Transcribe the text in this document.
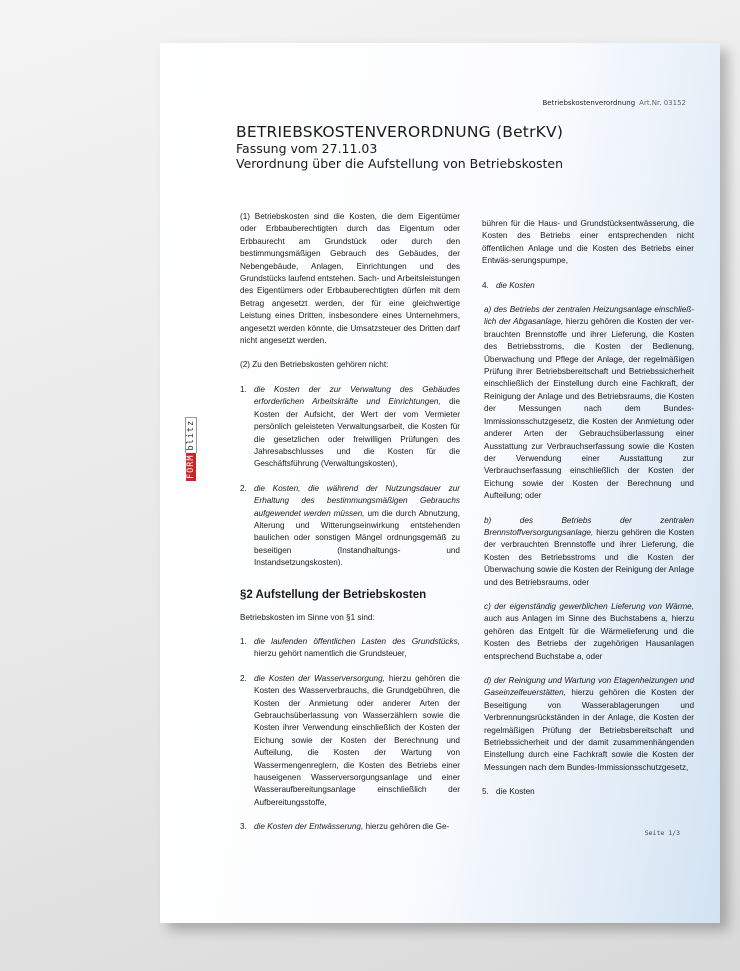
Betriebskostenverordnung Art.Nr. 03152
BETRIEBSKOSTENVERORDNUNG (BetrKV)
Fassung vom 27.11.03
Verordnung über die Aufstellung von Betriebskosten
FORMblitz

(1) Betriebskosten sind die Kosten, die dem Eigentümer oder Erbbauberechtigten durch das Eigentum oder Erbbaurecht am Grundstück oder durch den bestimmungsmäßigen Gebrauch des Gebäudes, der Nebengebäude, Anlagen, Einrichtungen und des Grundstücks laufend entstehen. Sach- und Arbeitsleistungen des Eigentümers oder Erbbauberechtigten dürfen mit dem Betrag angesetzt werden, der für eine gleichwertige Leistung eines Dritten, insbesondere eines Unternehmers, angesetzt werden könnte, die Umsatzsteuer des Dritten darf nicht angesetzt werden.

(2) Zu den Betriebskosten gehören nicht:

1. die Kosten der zur Verwaltung des Gebäudes erforderlichen Arbeitskräfte und Einrichtungen, die Kosten der Aufsicht, der Wert der vom Vermieter persönlich geleisteten Verwaltungsarbeit, die Kosten für die gesetzlichen oder freiwilligen Prüfungen des Jahresabschlusses und die Kosten für die Geschäftsführung (Verwaltungskosten),
2. die Kosten, die während der Nutzungsdauer zur Erhaltung des bestimmungsmäßigen Gebrauchs aufgewendet werden müssen, um die durch Abnutzung, Alterung und Witterungseinwirkung entstehenden baulichen oder sonstigen Mängel ordnungsgemäß zu beseitigen (Instandhaltungs- und Instandsetzungskosten).
§2 Aufstellung der Betriebskosten

Betriebskosten im Sinne von §1 sind:

1. die laufenden öffentlichen Lasten des Grundstücks, hierzu gehört namentlich die Grundsteuer,
2. die Kosten der Wasserversorgung, hierzu gehören die Kosten des Wasserverbrauchs, die Grundgebühren, die Kosten der Anmietung oder anderer Arten der Gebrauchsüberlassung von Wasserzählern sowie die Kosten ihrer Verwendung einschließlich der Kosten der Eichung sowie der Kosten der Berechnung und Aufteilung, die Kosten der Wartung von Wassermengenreglern, die Kosten des Betriebs einer hauseigenen Wasserversorgungsanlage und einer Wasseraufbereitungsanlage einschließlich der Aufbereitungsstoffe,
3. die Kosten der Entwässerung, hierzu gehören die Ge-

bühren für die Haus- und Grundstücksentwässerung, die Kosten des Betriebs einer entsprechenden nicht öffentlichen Anlage und die Kosten des Betriebs einer Entwäs-serungspumpe,

4. die Kosten

a) des Betriebs der zentralen Heizungsanlage einschließ-lich der Abgasanlage, hierzu gehören die Kosten der ver-brauchten Brennstoffe und ihrer Lieferung, die Kosten des Betriebsstroms, die Kosten der Bedienung, Überwachung und Pflege der Anlage, der regelmäßigen Prüfung ihrer Betriebsbereitschaft und Betriebssicherheit einschließlich der Einstellung durch eine Fachkraft, der Reinigung der Anlage und des Betriebsraums, die Kosten der Messungen nach dem Bundes-Immissionsschutzgesetz, die Kosten der Anmietung oder anderer Arten der Gebrauchsüberlassung einer Ausstattung zur Verbrauchserfassung sowie die Kosten der Verwendung einer Ausstattung zur Verbrauchserfassung einschließlich der Kosten der Eichung sowie der Kosten der Berechnung und Aufteilung; oder

b) des Betriebs der zentralen Brennstoffversorgungsanlage, hierzu gehören die Kosten der verbrauchten Brennstoffe und ihrer Lieferung, die Kosten des Betriebsstroms und die Kosten der Überwachung sowie die Kosten der Reinigung der Anlage und des Betriebsraums, oder

c) der eigenständig gewerblichen Lieferung von Wärme, auch aus Anlagen im Sinne des Buchstabens a, hierzu gehören das Entgelt für die Wärmelieferung und die Kosten des Betriebs der zugehörigen Hausanlagen entsprechend Buchstabe a, oder

d) der Reinigung und Wartung von Etagenheizungen und Gaseinzelfeuerstätten, hierzu gehören die Kosten der Beseitigung von Wasserablagerungen und Verbrennungsrückständen in der Anlage, die Kosten der regelmäßigen Prüfung der Betriebsbereitschaft und Betriebssicherheit und der damit zusammenhängenden Einstellung durch eine Fachkraft sowie die Kosten der Messungen nach dem Bundes-Immissionsschutzgesetz,

5. die Kosten
Seite 1/3
